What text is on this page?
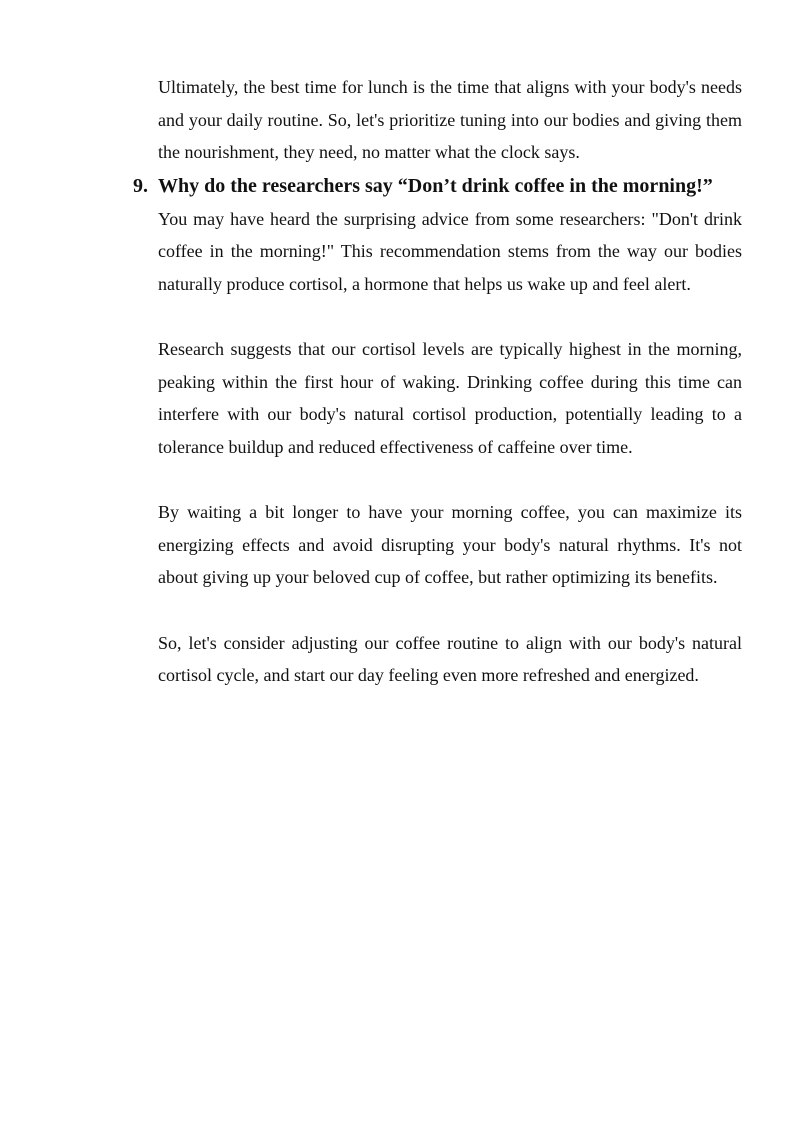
Ultimately, the best time for lunch is the time that aligns with your body's needs and your daily routine. So, let's prioritize tuning into our bodies and giving them the nourishment, they need, no matter what the clock says.

9. Why do the researchers say “Don’t drink coffee in the morning!”

You may have heard the surprising advice from some researchers: "Don't drink coffee in the morning!" This recommendation stems from the way our bodies naturally produce cortisol, a hormone that helps us wake up and feel alert.

Research suggests that our cortisol levels are typically highest in the morning, peaking within the first hour of waking. Drinking coffee during this time can interfere with our body's natural cortisol production, potentially leading to a tolerance buildup and reduced effectiveness of caffeine over time.

By waiting a bit longer to have your morning coffee, you can maximize its energizing effects and avoid disrupting your body's natural rhythms. It's not about giving up your beloved cup of coffee, but rather optimizing its benefits.

So, let's consider adjusting our coffee routine to align with our body's natural cortisol cycle, and start our day feeling even more refreshed and energized.
